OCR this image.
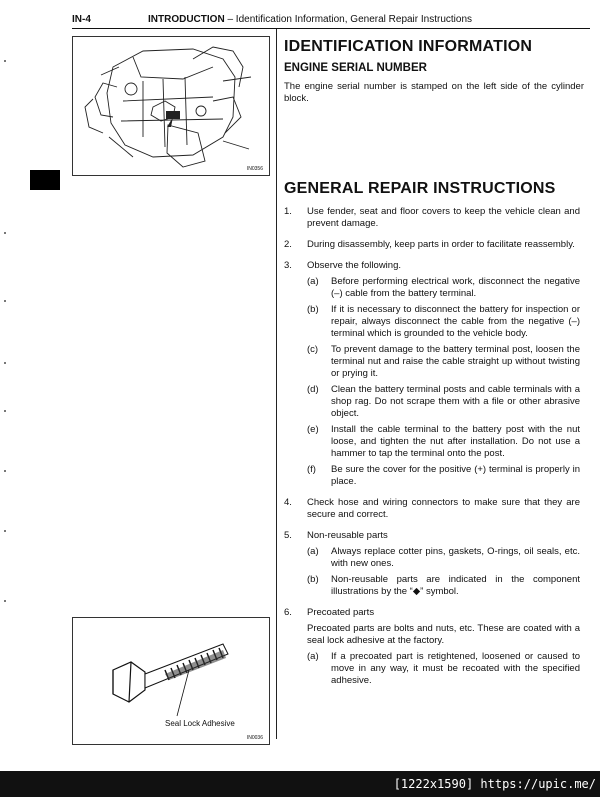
IN-4	INTRODUCTION – Identification Information, General Repair Instructions
IN0356
Seal Lock Adhesive
IN0036
IDENTIFICATION INFORMATION
ENGINE SERIAL NUMBER

The engine serial number is stamped on the left side of the cylinder block.

GENERAL REPAIR INSTRUCTIONS
1. Use fender, seat and floor covers to keep the vehicle clean and prevent damage.
2. During disassembly, keep parts in order to facilitate reassembly.
3. Observe the following.
(a) Before performing electrical work, disconnect the negative (–) cable from the battery terminal.
(b) If it is necessary to disconnect the battery for inspection or repair, always disconnect the cable from the negative (–) terminal which is grounded to the vehicle body.
(c) To prevent damage to the battery terminal post, loosen the terminal nut and raise the cable straight up without twisting or prying it.
(d) Clean the battery terminal posts and cable terminals with a shop rag. Do not scrape them with a file or other abrasive object.
(e) Install the cable terminal to the battery post with the nut loose, and tighten the nut after installation. Do not use a hammer to tap the terminal onto the post.
(f) Be sure the cover for the positive (+) terminal is properly in place.
4. Check hose and wiring connectors to make sure that they are secure and correct.
5. Non-reusable parts
(a) Always replace cotter pins, gaskets, O-rings, oil seals, etc. with new ones.
(b) Non-reusable parts are indicated in the component illustrations by the “◆” symbol.
6. Precoated parts
Precoated parts are bolts and nuts, etc. These are coated with a seal lock adhesive at the factory.
(a) If a precoated part is retightened, loosened or caused to move in any way, it must be recoated with the specified adhesive.
[1222x1590] https://upic.me/
